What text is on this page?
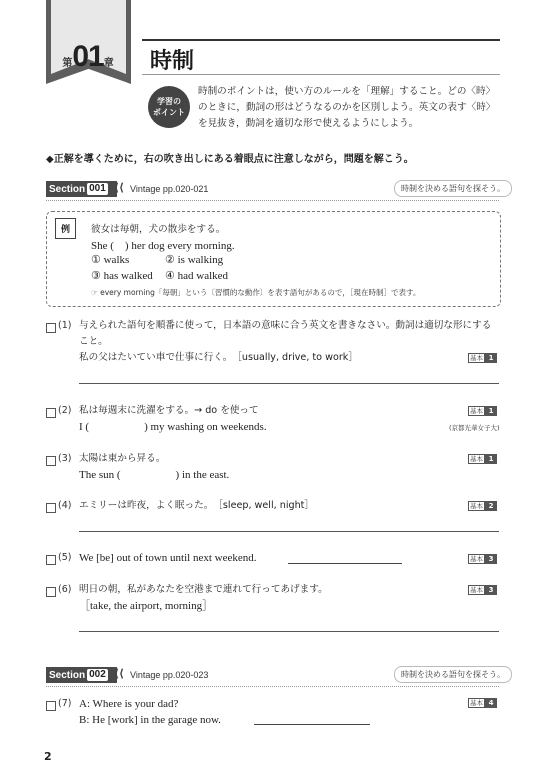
第01章	時制
学習の
ポイント
時制のポイントは，使い方のルールを「理解」すること。どの〈時〉のときに，動詞の形はどうなるのかを区別しよう。英文の表す〈時〉を見抜き，動詞を適切な形で使えるようにしよう。
◆正解を導くために，右の吹き出しにある着眼点に注意しながら，問題を解こう。
Section 001 ⟨⟨ Vintage pp.020-021	時制を決める語句を探そう。
例	彼女は毎朝，犬の散歩をする。
She (　) her dog every morning.
① walks	② is walking
③ has walked ④ had walked
☞ every morning「毎朝」という〔習慣的な動作〕を表す語句があるので，［現在時制］で表す。
(1) 与えられた語句を順番に使って，日本語の意味に合う英文を書きなさい。動詞は適切な形にすること。
私の父はたいてい車で仕事に行く。　［usually, drive, to work］	基本 1
(2) 私は毎週末に洗濯をする。→ do を使って
I (　　　　　) my washing on weekends.
基本 1
(京都光華女子大)
(3) 太陽は東から昇る。
The sun (　　　　　) in the east.
基本 1
(4) エミリーは昨夜，よく眠った。　［sleep, well, night］	基本 2
(5) We [be] out of town until next weekend.	基本 3
(6) 明日の朝，私があなたを空港まで連れて行ってあげます。
［take, the airport, morning］
基本 3
Section 002 ⟨⟨ Vintage pp.020-023	時制を決める語句を探そう。
(7) A: Where is your dad?
B: He [work] in the garage now.
基本 4
2
